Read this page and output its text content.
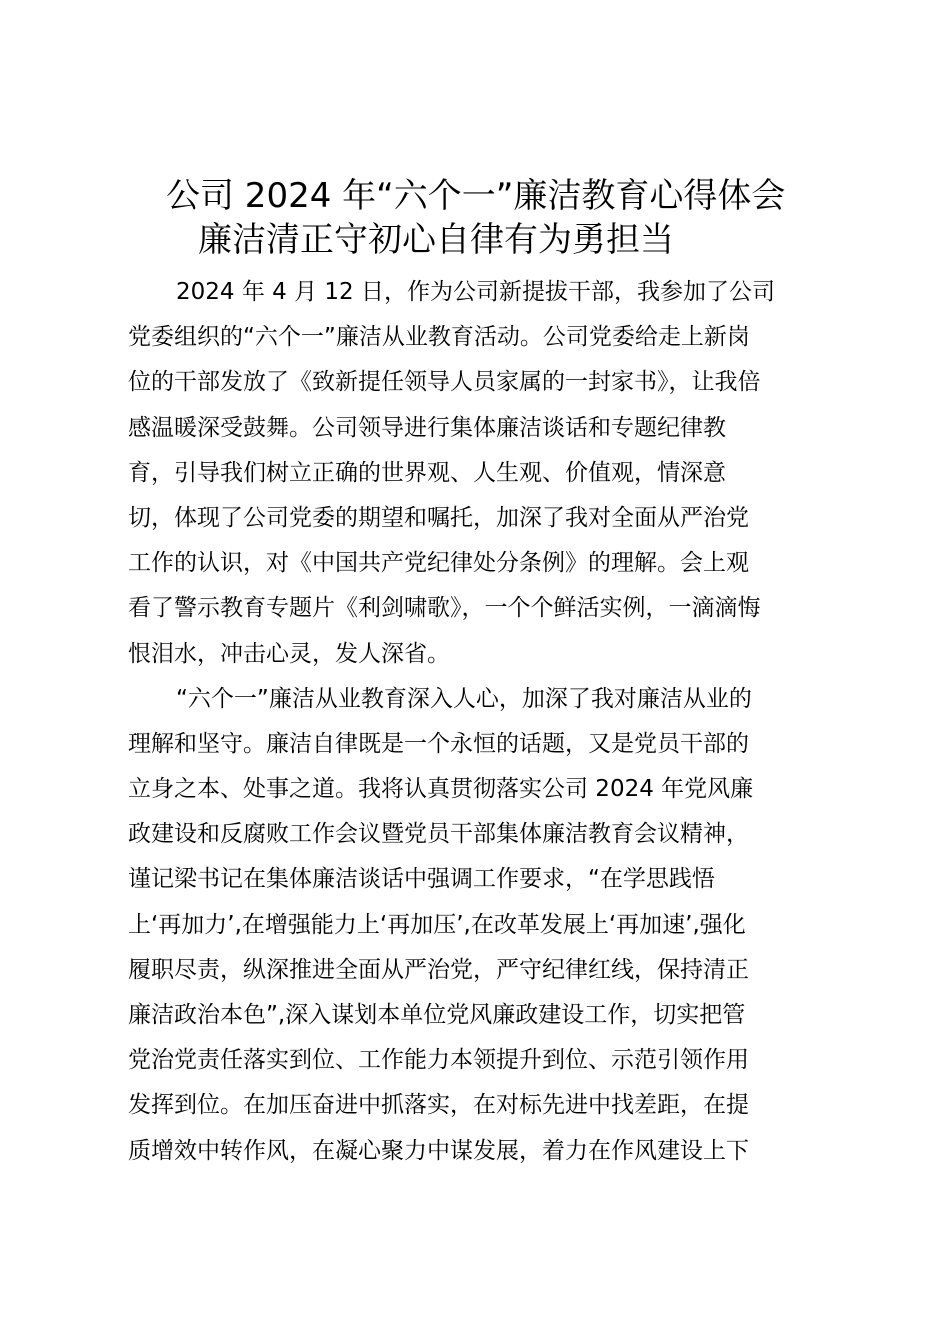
公司 2024 年“六个一”廉洁教育心得体会
廉洁清正守初心自律有为勇担当
2024 年 4 月 12 日，作为公司新提拔干部，我参加了公司
党委组织的“六个一”廉洁从业教育活动。公司党委给走上新岗
位的干部发放了《致新提任领导人员家属的一封家书》，让我倍
感温暖深受鼓舞。公司领导进行集体廉洁谈话和专题纪律教
育，引导我们树立正确的世界观、人生观、价值观，情深意
切，体现了公司党委的期望和嘱托，加深了我对全面从严治党
工作的认识，对《中国共产党纪律处分条例》的理解。会上观
看了警示教育专题片《利剑啸歌》，一个个鲜活实例，一滴滴悔
恨泪水，冲击心灵，发人深省。
“六个一”廉洁从业教育深入人心，加深了我对廉洁从业的
理解和坚守。廉洁自律既是一个永恒的话题，又是党员干部的
立身之本、处事之道。我将认真贯彻落实公司 2024 年党风廉
政建设和反腐败工作会议暨党员干部集体廉洁教育会议精神，
谨记梁书记在集体廉洁谈话中强调工作要求，“在学思践悟
上‘再加力’,在增强能力上‘再加压’,在改革发展上‘再加速’,强化
履职尽责，纵深推进全面从严治党，严守纪律红线，保持清正
廉洁政治本色”,深入谋划本单位党风廉政建设工作，切实把管
党治党责任落实到位、工作能力本领提升到位、示范引领作用
发挥到位。在加压奋进中抓落实，在对标先进中找差距，在提
质增效中转作风，在凝心聚力中谋发展，着力在作风建设上下
